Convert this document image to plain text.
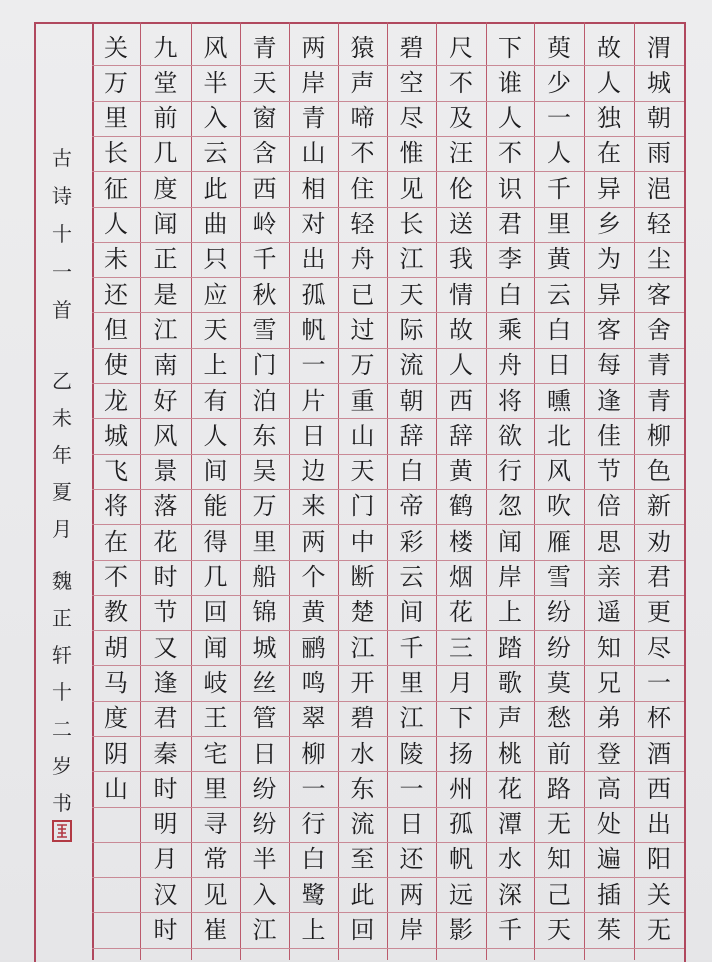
渭
城
朝
雨
浥
轻
尘
客
舍
青
青
柳
色
新
劝
君
更
尽
一
杯
酒
西
出
阳
关
无
故
人
独
在
异
乡
为
异
客
每
逢
佳
节
倍
思
亲
遥
知
兄
弟
登
高
处
遍
插
茱
萸
少
一
人
千
里
黄
云
白
日
曛
北
风
吹
雁
雪
纷
纷
莫
愁
前
路
无
知
己
天
下
谁
人
不
识
君
李
白
乘
舟
将
欲
行
忽
闻
岸
上
踏
歌
声
桃
花
潭
水
深
千
尺
不
及
汪
伦
送
我
情
故
人
西
辞
黄
鹤
楼
烟
花
三
月
下
扬
州
孤
帆
远
影
碧
空
尽
惟
见
长
江
天
际
流
朝
辞
白
帝
彩
云
间
千
里
江
陵
一
日
还
两
岸
猿
声
啼
不
住
轻
舟
已
过
万
重
山
天
门
中
断
楚
江
开
碧
水
东
流
至
此
回
两
岸
青
山
相
对
出
孤
帆
一
片
日
边
来
两
个
黄
鹂
鸣
翠
柳
一
行
白
鹭
上
青
天
窗
含
西
岭
千
秋
雪
门
泊
东
吴
万
里
船
锦
城
丝
管
日
纷
纷
半
入
江
风
半
入
云
此
曲
只
应
天
上
有
人
间
能
得
几
回
闻
岐
王
宅
里
寻
常
见
崔
九
堂
前
几
度
闻
正
是
江
南
好
风
景
落
花
时
节
又
逢
君
秦
时
明
月
汉
时
关
万
里
长
征
人
未
还
但
使
龙
城
飞
将
在
不
教
胡
马
度
阴
山
古
诗
十
一
首
乙
未
年
夏
月
魏
正
轩
十
二
岁
书
